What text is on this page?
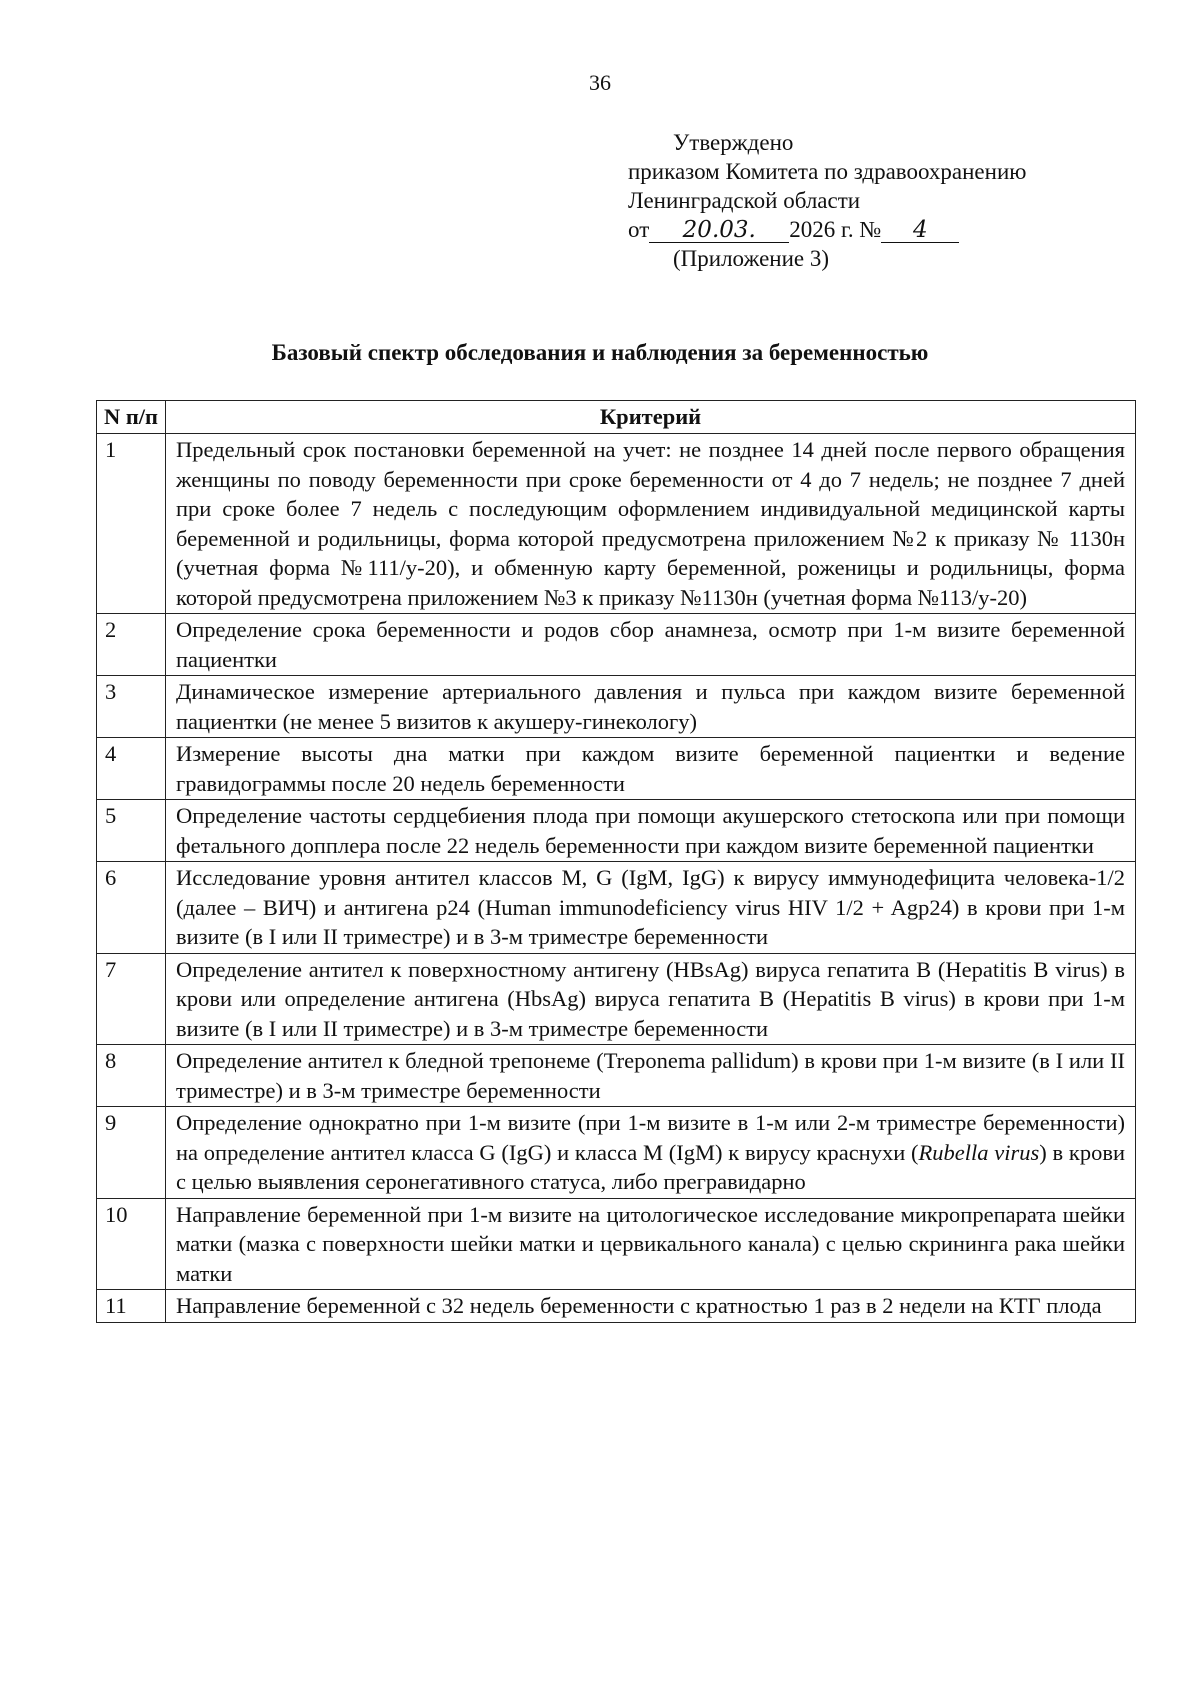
36
Утверждено
приказом Комитета по здравоохранению
Ленинградской области
от 20.03. 2026 г. № 4
(Приложение 3)
Базовый спектр обследования и наблюдения за беременностью
N п/п	Критерий
1	Предельный срок постановки беременной на учет: не позднее 14 дней после первого обращения женщины по поводу беременности при сроке беременности от 4 до 7 недель; не позднее 7 дней при сроке более 7 недель с последующим оформлением индивидуальной медицинской карты беременной и родильницы, форма которой предусмотрена приложением №2 к приказу № 1130н (учетная форма №111/у-20), и обменную карту беременной, роженицы и родильницы, форма которой предусмотрена приложением №3 к приказу №1130н (учетная форма №113/у-20)
2	Определение срока беременности и родов сбор анамнеза, осмотр при 1-м визите беременной пациентки
3	Динамическое измерение артериального давления и пульса при каждом визите беременной пациентки (не менее 5 визитов к акушеру-гинекологу)
4	Измерение высоты дна матки при каждом визите беременной пациентки и ведение гравидограммы после 20 недель беременности
5	Определение частоты сердцебиения плода при помощи акушерского стетоскопа или при помощи фетального допплера после 22 недель беременности при каждом визите беременной пациентки
6	Исследование уровня антител классов M, G (IgM, IgG) к вирусу иммунодефицита человека-1/2 (далее – ВИЧ) и антигена p24 (Human immunodeficiency virus HIV 1/2 + Agp24) в крови при 1-м визите (в I или II триместре) и в 3-м триместре беременности
7	Определение антител к поверхностному антигену (HBsAg) вируса гепатита B (Hepatitis B virus) в крови или определение антигена (HbsAg) вируса гепатита B (Hepatitis B virus) в крови при 1-м визите (в I или II триместре) и в 3-м триместре беременности
8	Определение антител к бледной трепонеме (Treponema pallidum) в крови при 1-м визите (в I или II триместре) и в 3-м триместре беременности
9	Определение однократно при 1-м визите (при 1-м визите в 1-м или 2-м триместре беременности) на определение антител класса G (IgG) и класса M (IgM) к вирусу краснухи (Rubella virus) в крови с целью выявления серонегативного статуса, либо прегравидарно
10	Направление беременной при 1-м визите на цитологическое исследование микропрепарата шейки матки (мазка с поверхности шейки матки и цервикального канала) с целью скрининга рака шейки матки
11	Направление беременной с 32 недель беременности с кратностью 1 раз в 2 недели на КТГ плода
